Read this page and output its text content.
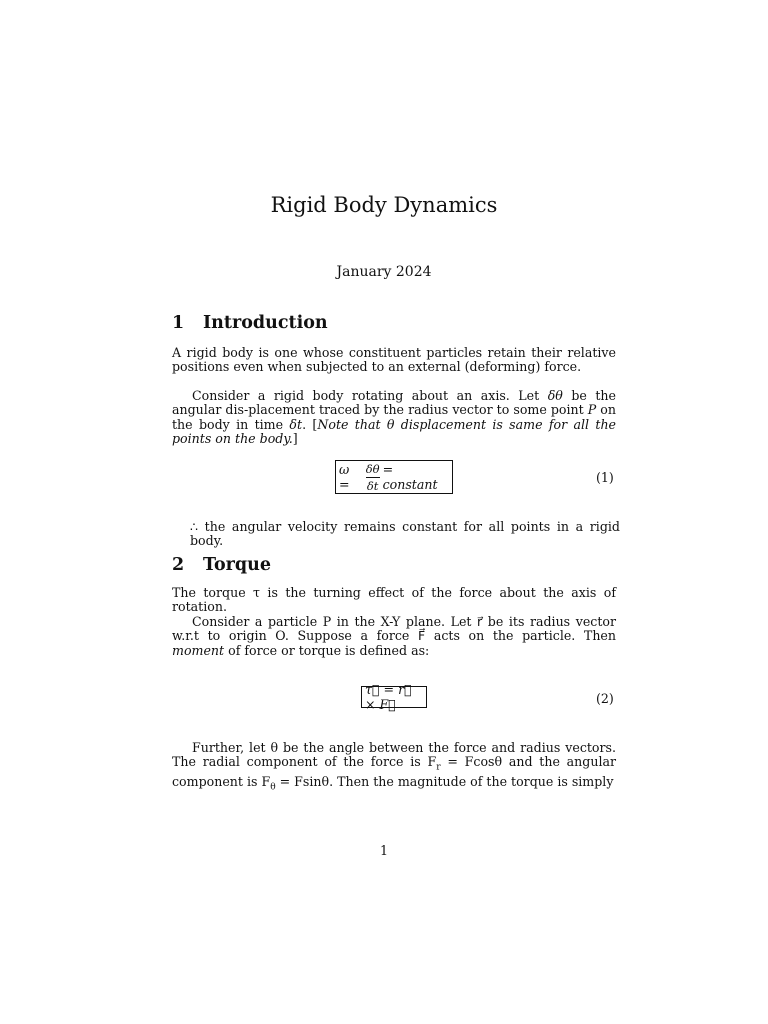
Rigid Body Dynamics
January 2024
1 Introduction
A rigid body is one whose constituent particles retain their relative positions even when subjected to an external (deforming) force.
Consider a rigid body rotating about an axis. Let δθ be the angular dis-placement traced by the radius vector to some point P on the body in time δt. [Note that θ displacement is same for all the points on the body.]
ω =	$\frac{\delta\theta}{\delta t}$ = constant	(1)
∴ the angular velocity remains constant for all points in a rigid body.
2 Torque
The torque τ is the turning effect of the force about the axis of rotation.
Consider a particle P in the X-Y plane. Let r⃗ be its radius vector w.r.t to origin O. Suppose a force F⃗ acts on the particle. Then moment of force or torque is defined as:
τ⃗ = r⃗ × F⃗	(2)
Further, let θ be the angle between the force and radius vectors. The radial component of the force is $F_r = Fcos\theta$ and the angular component is $F_\theta = Fsin\theta$. Then the magnitude of the torque is simply
1
